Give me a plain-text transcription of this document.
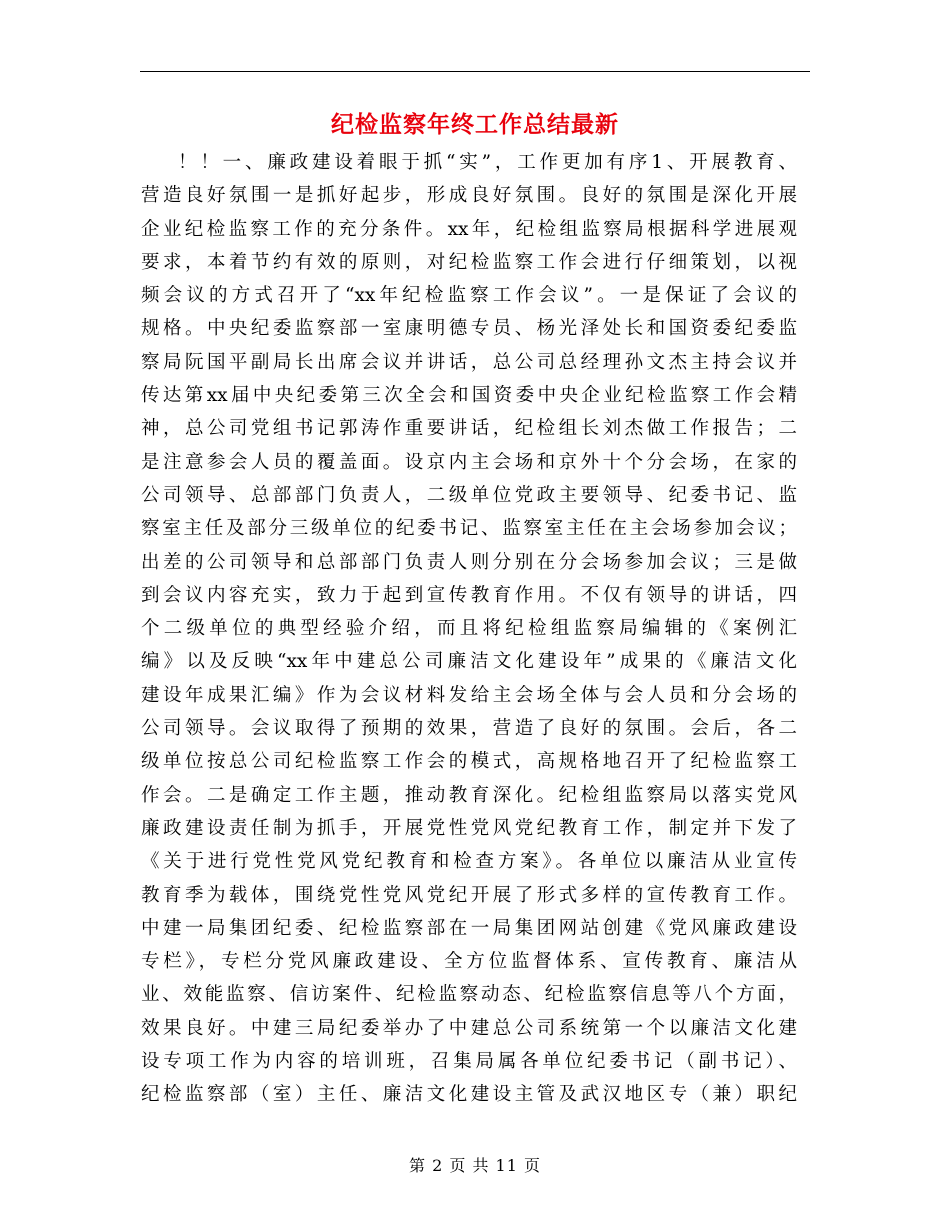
纪检监察年终工作总结最新
！！一、廉政建设着眼于抓“实”，工作更加有序1、开展教育、
营造良好氛围一是抓好起步，形成良好氛围。良好的氛围是深化开展
企业纪检监察工作的充分条件。xx年，纪检组监察局根据科学进展观
要求，本着节约有效的原则，对纪检监察工作会进行仔细策划，以视
频会议的方式召开了“xx年纪检监察工作会议”。一是保证了会议的
规格。中央纪委监察部一室康明德专员、杨光泽处长和国资委纪委监
察局阮国平副局长出席会议并讲话，总公司总经理孙文杰主持会议并
传达第xx届中央纪委第三次全会和国资委中央企业纪检监察工作会精
神，总公司党组书记郭涛作重要讲话，纪检组长刘杰做工作报告；二
是注意参会人员的覆盖面。设京内主会场和京外十个分会场，在家的
公司领导、总部部门负责人，二级单位党政主要领导、纪委书记、监
察室主任及部分三级单位的纪委书记、监察室主任在主会场参加会议；
出差的公司领导和总部部门负责人则分别在分会场参加会议；三是做
到会议内容充实，致力于起到宣传教育作用。不仅有领导的讲话，四
个二级单位的典型经验介绍，而且将纪检组监察局编辑的《案例汇
编》以及反映“xx年中建总公司廉洁文化建设年”成果的《廉洁文化
建设年成果汇编》作为会议材料发给主会场全体与会人员和分会场的
公司领导。会议取得了预期的效果，营造了良好的氛围。会后，各二
级单位按总公司纪检监察工作会的模式，高规格地召开了纪检监察工
作会。二是确定工作主题，推动教育深化。纪检组监察局以落实党风
廉政建设责任制为抓手，开展党性党风党纪教育工作，制定并下发了
《关于进行党性党风党纪教育和检查方案》。各单位以廉洁从业宣传
教育季为载体，围绕党性党风党纪开展了形式多样的宣传教育工作。
中建一局集团纪委、纪检监察部在一局集团网站创建《党风廉政建设
专栏》，专栏分党风廉政建设、全方位监督体系、宣传教育、廉洁从
业、效能监察、信访案件、纪检监察动态、纪检监察信息等八个方面，
效果良好。中建三局纪委举办了中建总公司系统第一个以廉洁文化建
设专项工作为内容的培训班，召集局属各单位纪委书记（副书记）、
纪检监察部（室）主任、廉洁文化建设主管及武汉地区专（兼）职纪
第 2 页 共 11 页
